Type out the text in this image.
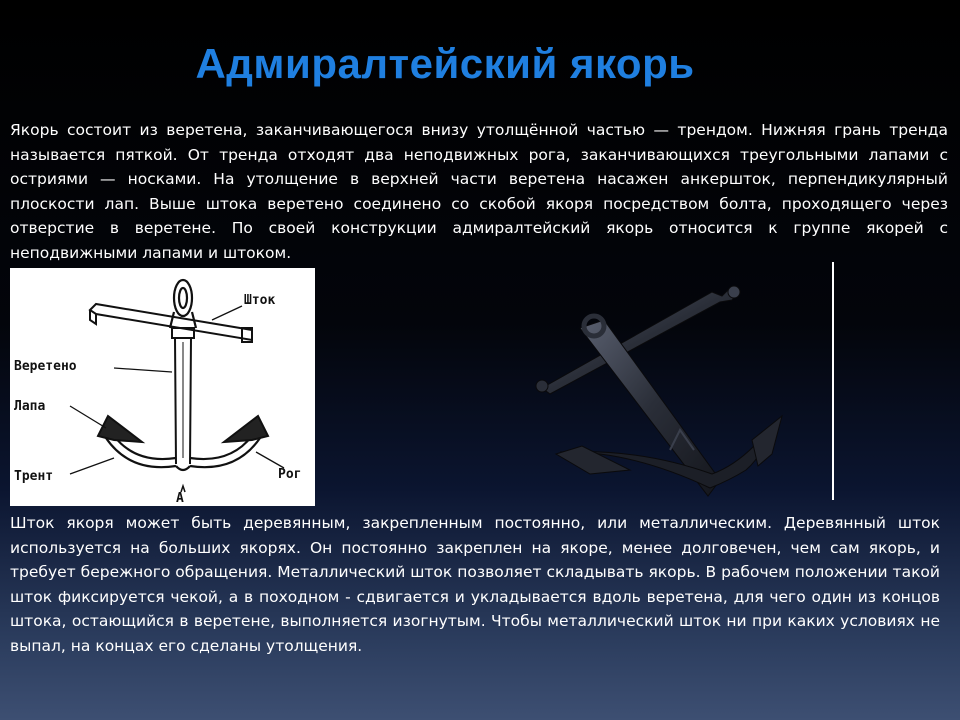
Адмиралтейский якорь

Якорь состоит из веретена, заканчивающегося внизу утолщённой частью — трендом. Нижняя грань тренда называется пяткой. От тренда отходят два неподвижных рога, заканчивающихся треугольными лапами с остриями — носками. На утолщение в верхней части веретена насажен анкершток, перпендикулярный плоскости лап. Выше штока веретено соединено со скобой якоря посредством болта, проходящего через отверстие в веретене. По своей конструкции адмиралтейский якорь относится к группе якорей с неподвижными лапами и штоком.

Шток
Веретено
Лапа
Трент	Рог
А

Шток якоря может быть деревянным, закрепленным постоянно, или металлическим. Деревянный шток используется на больших якорях. Он постоянно закреплен на якоре, менее долговечен, чем сам якорь, и требует бережного обращения. Металлический шток позволяет складывать якорь. В рабочем положении такой шток фиксируется чекой, а в походном - сдвигается и укладывается вдоль веретена, для чего один из концов штока, остающийся в веретене, выполняется изогнутым. Чтобы металлический шток ни при каких условиях не выпал, на концах его сделаны утолщения.
